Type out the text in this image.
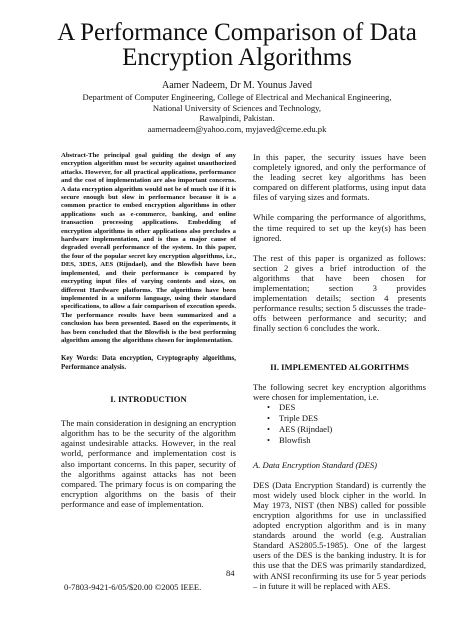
A Performance Comparison of Data
Encryption Algorithms
Aamer Nadeem, Dr M. Younus Javed
Department of Computer Engineering, College of Electrical and Mechanical Engineering,
National University of Sciences and Technology,
Rawalpindi, Pakistan.
aamernadeem@yahoo.com, myjaved@ceme.edu.pk

Abstract-The principal goal guiding the design of any encryption algorithm must be security against unauthorized attacks. However, for all practical applications, performance and the cost of implementation are also important concerns. A data encryption algorithm would not be of much use if it is secure enough but slow in performance because it is a common practice to embed encryption algorithms in other applications such as e-commerce, banking, and online transaction processing applications. Embedding of encryption algorithms in other applications also precludes a hardware implementation, and is thus a major cause of degraded overall performance of the system. In this paper, the four of the popular secret key encryption algorithms, i.e., DES, 3DES, AES (Rijndael), and the Blowfish have been implemented, and their performance is compared by encrypting input files of varying contents and sizes, on different Hardware platforms. The algorithms have been implemented in a uniform language, using their standard specifications, to allow a fair comparison of execution speeds. The performance results have been summarized and a conclusion has been presented. Based on the experiments, it has been concluded that the Blowfish is the best performing algorithm among the algorithms chosen for implementation.

Key Words: Data encryption, Cryptography algorithms, Performance analysis.

I. INTRODUCTION

The main consideration in designing an encryption algorithm has to be the security of the algorithm against undesirable attacks. However, in the real world, performance and implementation cost is also important concerns. In this paper, security of the algorithms against attacks has not been compared. The primary focus is on comparing the encryption algorithms on the basis of their performance and ease of implementation.

In this paper, the security issues have been completely ignored, and only the performance of the leading secret key algorithms has been compared on different platforms, using input data files of varying sizes and formats.

While comparing the performance of algorithms, the time required to set up the key(s) has been ignored.

The rest of this paper is organized as follows: section 2 gives a brief introduction of the algorithms that have been chosen for implementation; section 3 provides implementation details; section 4 presents performance results; section 5 discusses the trade-offs between performance and security; and finally section 6 concludes the work.

II. IMPLEMENTED ALGORITHMS

The following secret key encryption algorithms were chosen for implementation, i.e.

• DES
• Triple DES
• AES (Rijndael)
• Blowfish

A. Data Encryption Standard (DES)

DES (Data Encryption Standard) is currently the most widely used block cipher in the world. In May 1973, NIST (then NBS) called for possible encryption algorithms for use in unclassified adopted encryption algorithm and is in many standards around the world (e.g. Australian Standard AS2805.5-1985). One of the largest users of the DES is the banking industry. It is for this use that the DES was primarily standardized, with ANSI reconfirming its use for 5 year periods – in future it will be replaced with AES.

84
0-7803-9421-6/05/$20.00 ©2005 IEEE.
